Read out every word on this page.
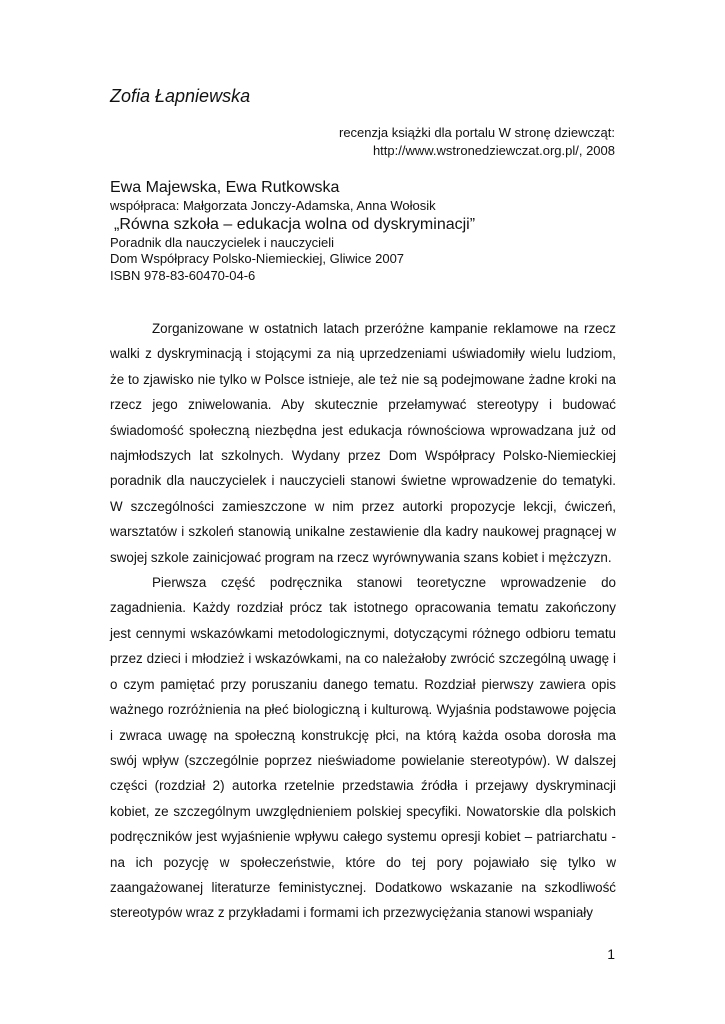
Zofia Łapniewska
recenzja książki dla portalu W stronę dziewcząt:
http://www.wstronedziewczat.org.pl/, 2008
Ewa Majewska, Ewa Rutkowska
współpraca: Małgorzata Jonczy-Adamska, Anna Wołosik
„Równa szkoła – edukacja wolna od dyskryminacji”
Poradnik dla nauczycielek i nauczycieli
Dom Współpracy Polsko-Niemieckiej, Gliwice 2007
ISBN 978-83-60470-04-6

Zorganizowane w ostatnich latach przeróżne kampanie reklamowe na rzecz walki z dyskryminacją i stojącymi za nią uprzedzeniami uświadomiły wielu ludziom, że to zjawisko nie tylko w Polsce istnieje, ale też nie są podejmowane żadne kroki na rzecz jego zniwelowania. Aby skutecznie przełamywać stereotypy i budować świadomość społeczną niezbędna jest edukacja równościowa wprowadzana już od najmłodszych lat szkolnych. Wydany przez Dom Współpracy Polsko-Niemieckiej poradnik dla nauczycielek i nauczycieli stanowi świetne wprowadzenie do tematyki. W szczególności zamieszczone w nim przez autorki propozycje lekcji, ćwiczeń, warsztatów i szkoleń stanowią unikalne zestawienie dla kadry naukowej pragnącej w swojej szkole zainicjować program na rzecz wyrównywania szans kobiet i mężczyzn.

Pierwsza część podręcznika stanowi teoretyczne wprowadzenie do zagadnienia. Każdy rozdział prócz tak istotnego opracowania tematu zakończony jest cennymi wskazówkami metodologicznymi, dotyczącymi różnego odbioru tematu przez dzieci i młodzież i wskazówkami, na co należałoby zwrócić szczególną uwagę i o czym pamiętać przy poruszaniu danego tematu. Rozdział pierwszy zawiera opis ważnego rozróżnienia na płeć biologiczną i kulturową. Wyjaśnia podstawowe pojęcia i zwraca uwagę na społeczną konstrukcję płci, na którą każda osoba dorosła ma swój wpływ (szczególnie poprzez nieświadome powielanie stereotypów). W dalszej części (rozdział 2) autorka rzetelnie przedstawia źródła i przejawy dyskryminacji kobiet, ze szczególnym uwzględnieniem polskiej specyfiki. Nowatorskie dla polskich podręczników jest wyjaśnienie wpływu całego systemu opresji kobiet – patriarchatu - na ich pozycję w społeczeństwie, które do tej pory pojawiało się tylko w zaangażowanej literaturze feministycznej. Dodatkowo wskazanie na szkodliwość stereotypów wraz z przykładami i formami ich przezwyciężania stanowi wspaniały

1
